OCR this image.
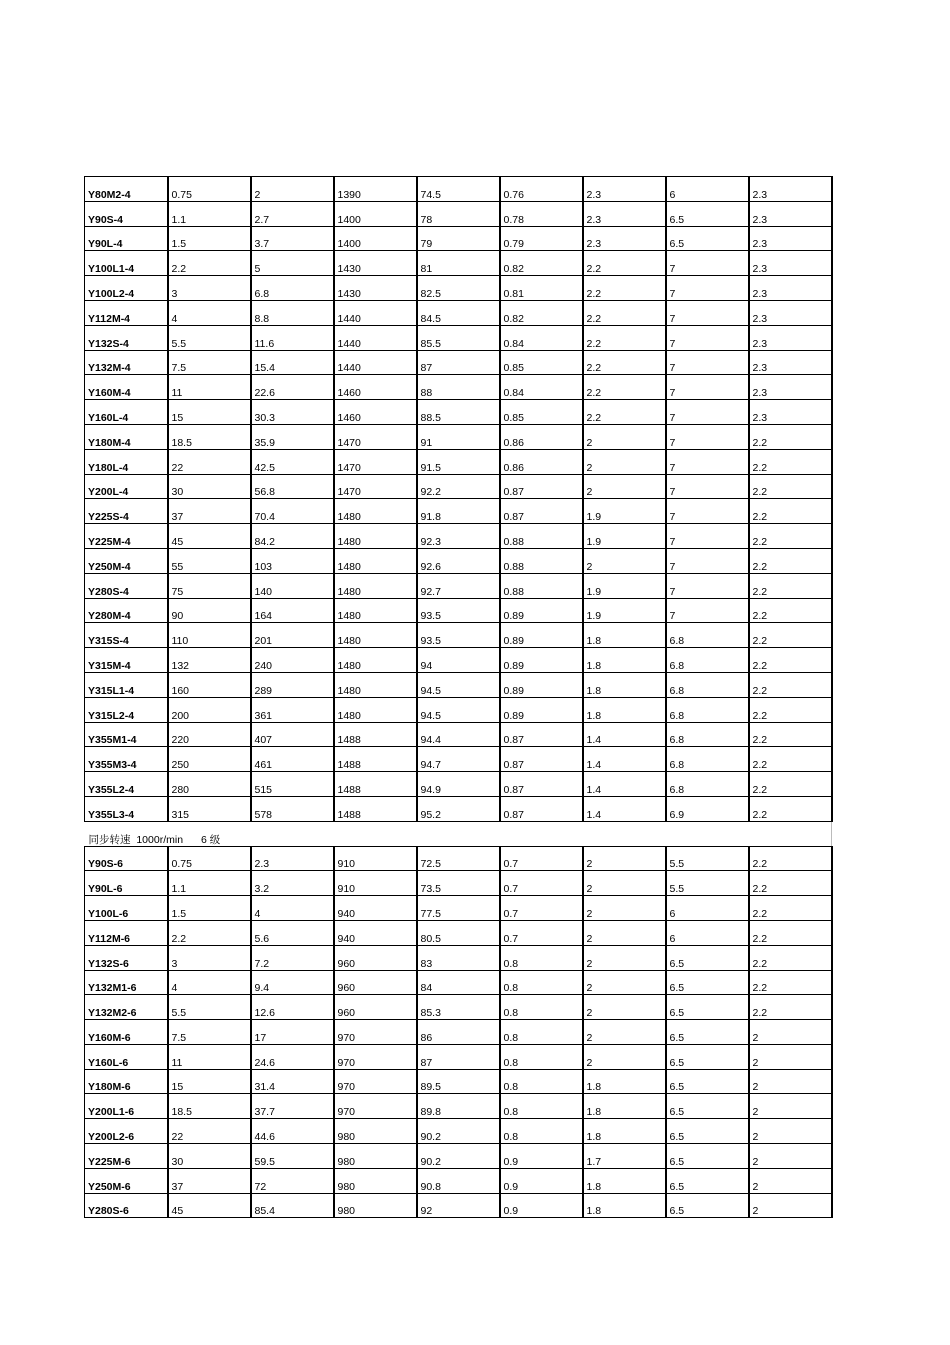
Y80M2-4	0.75	2	1390	74.5	0.76	2.3	6	2.3
Y90S-4	1.1	2.7	1400	78	0.78	2.3	6.5	2.3
Y90L-4	1.5	3.7	1400	79	0.79	2.3	6.5	2.3
Y100L1-4	2.2	5	1430	81	0.82	2.2	7	2.3
Y100L2-4	3	6.8	1430	82.5	0.81	2.2	7	2.3
Y112M-4	4	8.8	1440	84.5	0.82	2.2	7	2.3
Y132S-4	5.5	11.6	1440	85.5	0.84	2.2	7	2.3
Y132M-4	7.5	15.4	1440	87	0.85	2.2	7	2.3
Y160M-4	11	22.6	1460	88	0.84	2.2	7	2.3
Y160L-4	15	30.3	1460	88.5	0.85	2.2	7	2.3
Y180M-4	18.5	35.9	1470	91	0.86	2	7	2.2
Y180L-4	22	42.5	1470	91.5	0.86	2	7	2.2
Y200L-4	30	56.8	1470	92.2	0.87	2	7	2.2
Y225S-4	37	70.4	1480	91.8	0.87	1.9	7	2.2
Y225M-4	45	84.2	1480	92.3	0.88	1.9	7	2.2
Y250M-4	55	103	1480	92.6	0.88	2	7	2.2
Y280S-4	75	140	1480	92.7	0.88	1.9	7	2.2
Y280M-4	90	164	1480	93.5	0.89	1.9	7	2.2
Y315S-4	110	201	1480	93.5	0.89	1.8	6.8	2.2
Y315M-4	132	240	1480	94	0.89	1.8	6.8	2.2
Y315L1-4	160	289	1480	94.5	0.89	1.8	6.8	2.2
Y315L2-4	200	361	1480	94.5	0.89	1.8	6.8	2.2
Y355M1-4	220	407	1488	94.4	0.87	1.4	6.8	2.2
Y355M3-4	250	461	1488	94.7	0.87	1.4	6.8	2.2
Y355L2-4	280	515	1488	94.9	0.87	1.4	6.8	2.2
Y355L3-4	315	578	1488	95.2	0.87	1.4	6.9	2.2
同步转速 1000r/min 6 级								
Y90S-6	0.75	2.3	910	72.5	0.7	2	5.5	2.2
Y90L-6	1.1	3.2	910	73.5	0.7	2	5.5	2.2
Y100L-6	1.5	4	940	77.5	0.7	2	6	2.2
Y112M-6	2.2	5.6	940	80.5	0.7	2	6	2.2
Y132S-6	3	7.2	960	83	0.8	2	6.5	2.2
Y132M1-6	4	9.4	960	84	0.8	2	6.5	2.2
Y132M2-6	5.5	12.6	960	85.3	0.8	2	6.5	2.2
Y160M-6	7.5	17	970	86	0.8	2	6.5	2
Y160L-6	11	24.6	970	87	0.8	2	6.5	2
Y180M-6	15	31.4	970	89.5	0.8	1.8	6.5	2
Y200L1-6	18.5	37.7	970	89.8	0.8	1.8	6.5	2
Y200L2-6	22	44.6	980	90.2	0.8	1.8	6.5	2
Y225M-6	30	59.5	980	90.2	0.9	1.7	6.5	2
Y250M-6	37	72	980	90.8	0.9	1.8	6.5	2
Y280S-6	45	85.4	980	92	0.9	1.8	6.5	2
